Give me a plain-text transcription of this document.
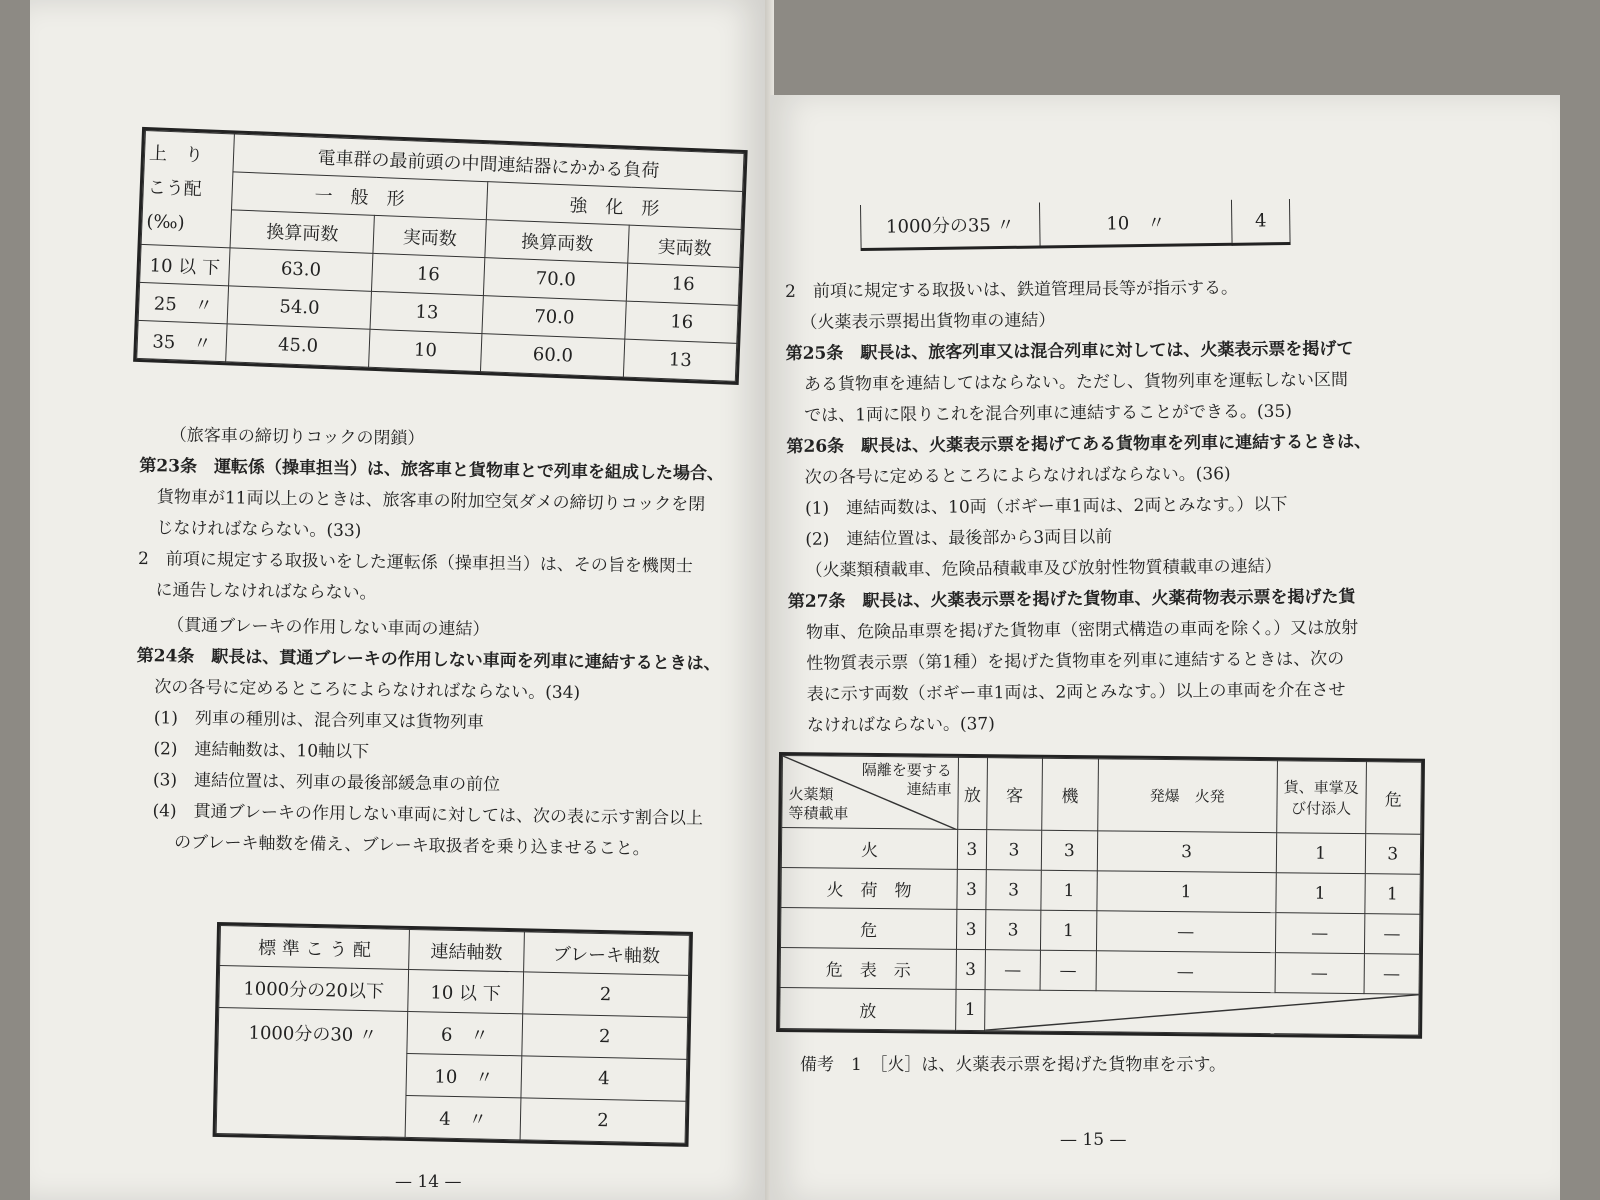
上　り
こう配
(‰)	電車群の最前頭の中間連結器にかかる負荷			
	一　般　形		強　化　形	
	換算両数	実両数	換算両数	実両数
10 以 下	63.0	16	70.0	16
25　〃	54.0	13	70.0	16
35　〃	45.0	10	60.0	13
（旅客車の締切りコックの閉鎖）
第23条　運転係（操車担当）は、旅客車と貨物車とで列車を組成した場合、
貨物車が11両以上のときは、旅客車の附加空気ダメの締切りコックを閉
じなければならない。(33)
2　前項に規定する取扱いをした運転係（操車担当）は、その旨を機関士
に通告しなければならない。
（貫通ブレーキの作用しない車両の連結）
第24条　駅長は、貫通ブレーキの作用しない車両を列車に連結するときは、
次の各号に定めるところによらなければならない。(34)
(1)　列車の種別は、混合列車又は貨物列車
(2)　連結軸数は、10軸以下
(3)　連結位置は、列車の最後部緩急車の前位
(4)　貫通ブレーキの作用しない車両に対しては、次の表に示す割合以上
のブレーキ軸数を備え、ブレーキ取扱者を乗り込ませること。
標 準 こ う 配	連結軸数	ブレーキ軸数
1000分の20以下	10 以 下	2
1000分の30 〃	6　〃	2
	10　〃	4
	4　〃	2
— 14 —
1000分の35 〃	10　〃	4
2　前項に規定する取扱いは、鉄道管理局長等が指示する。
（火薬表示票掲出貨物車の連結）
第25条　駅長は、旅客列車又は混合列車に対しては、火薬表示票を掲げて
ある貨物車を連結してはならない。ただし、貨物列車を運転しない区間
では、1両に限りこれを混合列車に連結することができる。(35)
第26条　駅長は、火薬表示票を掲げてある貨物車を列車に連結するときは、
次の各号に定めるところによらなければならない。(36)
(1)　連結両数は、10両（ボギー車1両は、2両とみなす。）以下
(2)　連結位置は、最後部から3両目以前
（火薬類積載車、危険品積載車及び放射性物質積載車の連結）
第27条　駅長は、火薬表示票を掲げた貨物車、火薬荷物表示票を掲げた貨
物車、危険品車票を掲げた貨物車（密閉式構造の車両を除く。）又は放射
性物質表示票（第1種）を掲げた貨物車を列車に連結するときは、次の
表に示す両数（ボギー車1両は、2両とみなす。）以上の車両を介在させ
なければならない。(37)
隔離を要する
連結車
火薬類
等積載車	放	客	機	発爆　火発	貨、車掌及び付添人	危
火	3	3	3	3	1	3
火　荷　物	3	3	1	1	1	1
危	3	3	1	—	—	—
危　表　示	3	—	—	—	—	—
放	1	
備考　1　［火］は、火薬表示票を掲げた貨物車を示す。
— 15 —
